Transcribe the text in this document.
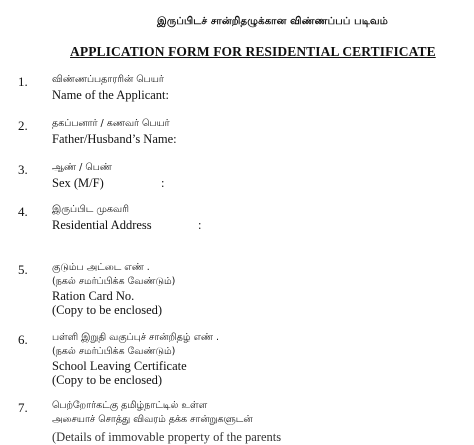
இருப்பிடச் சான்றிதழுக்கான விண்ணப்பப் படிவம்
APPLICATION FORM FOR RESIDENTIAL CERTIFICATE
1.	விண்ணப்பதாரரின் பெயர்
Name of the Applicant:
2.	தகப்பனார் / கணவர் பெயர்
Father/Husband’s Name:
3.	ஆண் / பெண்
Sex (M/F)	:
4.	இருப்பிட முகவரி
Residential Address	:
5.	குடும்ப அட்டை எண் .
(நகல் சமர்ப்பிக்க வேண்டும்)
Ration Card No.
(Copy to be enclosed)
6.	பள்ளி இறுதி வகுப்புச் சான்றிதழ் எண் .
(நகல் சமர்ப்பிக்க வேண்டும்)
School Leaving Certificate
(Copy to be enclosed)
7.	பெற்றோர்கட்கு தமிழ்நாட்டில் உள்ள
அசையாச் சொத்து விவரம் தக்க சான்றுகளுடன்
(Details of immovable property of the parents
